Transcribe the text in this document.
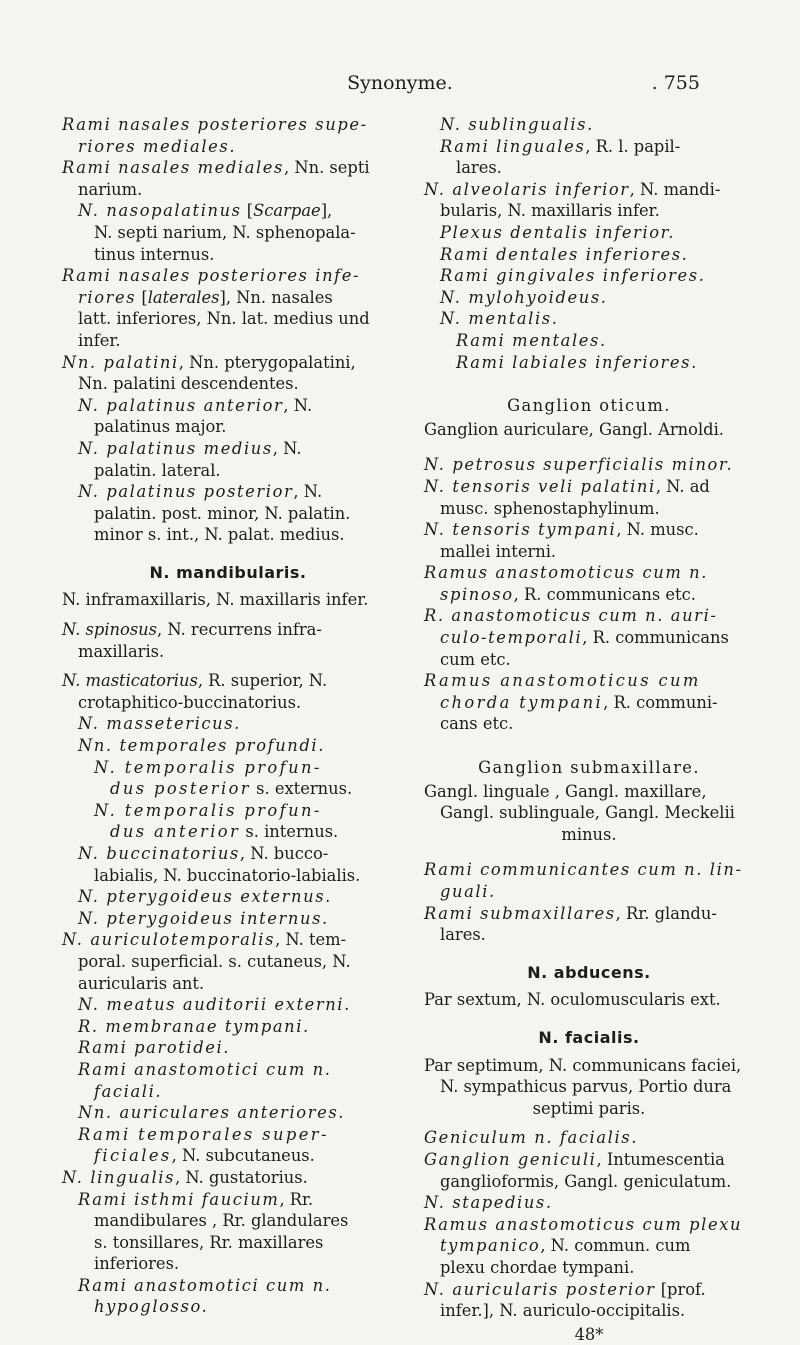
Synonyme.	. 755
Rami nasales posteriores supe-
riores mediales.
Rami nasales mediales, Nn. septi
narium.
N. nasopalatinus [Scarpae],
N. septi narium, N. sphenopala-
tinus internus.
Rami nasales posteriores infe-
riores [laterales], Nn. nasales
latt. inferiores, Nn. lat. medius und
infer.
Nn. palatini, Nn. pterygopalatini,
Nn. palatini descendentes.
N. palatinus anterior, N.
palatinus major.
N. palatinus medius, N.
palatin. lateral.
N. palatinus posterior, N.
palatin. post. minor, N. palatin.
minor s. int., N. palat. medius.
N. mandibularis.
N. inframaxillaris, N. maxillaris infer.
N. spinosus, N. recurrens infra-
maxillaris.
N. masticatorius, R. superior, N.
crotaphitico-buccinatorius.
N. massetericus.
Nn. temporales profundi.
N. temporalis profun-
dus posterior s. externus.
N. temporalis profun-
dus anterior s. internus.
N. buccinatorius, N. bucco-
labialis, N. buccinatorio-labialis.
N. pterygoideus externus.
N. pterygoideus internus.
N. auriculotemporalis, N. tem-
poral. superficial. s. cutaneus, N.
auricularis ant.
N. meatus auditorii externi.
R. membranae tympani.
Rami parotidei.
Rami anastomotici cum n.
faciali.
Nn. auriculares anteriores.
Rami temporales super-
ficiales, N. subcutaneus.
N. lingualis, N. gustatorius.
Rami isthmi faucium, Rr.
mandibulares , Rr. glandulares
s. tonsillares, Rr. maxillares
inferiores.
Rami anastomotici cum n.
hypoglosso.
N. sublingualis.
Rami linguales, R. l. papil-
lares.
N. alveolaris inferior, N. mandi-
bularis, N. maxillaris infer.
Plexus dentalis inferior.
Rami dentales inferiores.
Rami gingivales inferiores.
N. mylohyoideus.
N. mentalis.
Rami mentales.
Rami labiales inferiores.
Ganglion oticum.
Ganglion auriculare, Gangl. Arnoldi.
N. petrosus superficialis minor.
N. tensoris veli palatini, N. ad
musc. sphenostaphylinum.
N. tensoris tympani, N. musc.
mallei interni.
Ramus anastomoticus cum n.
spinoso, R. communicans etc.
R. anastomoticus cum n. auri-
culo-temporali, R. communicans
cum etc.
Ramus anastomoticus cum
chorda tympani, R. communi-
cans etc.
Ganglion submaxillare.
Gangl. linguale , Gangl. maxillare,
Gangl. sublinguale, Gangl. Meckelii
minus.
Rami communicantes cum n. lin-
guali.
Rami submaxillares, Rr. glandu-
lares.
N. abducens.
Par sextum, N. oculomuscularis ext.
N. facialis.
Par septimum, N. communicans faciei,
N. sympathicus parvus, Portio dura
septimi paris.
Geniculum n. facialis.
Ganglion geniculi, Intumescentia
ganglioformis, Gangl. geniculatum.
N. stapedius.
Ramus anastomoticus cum plexu
tympanico, N. commun. cum
plexu chordae tympani.
N. auricularis posterior [prof.
infer.], N. auriculo-occipitalis.
48*
